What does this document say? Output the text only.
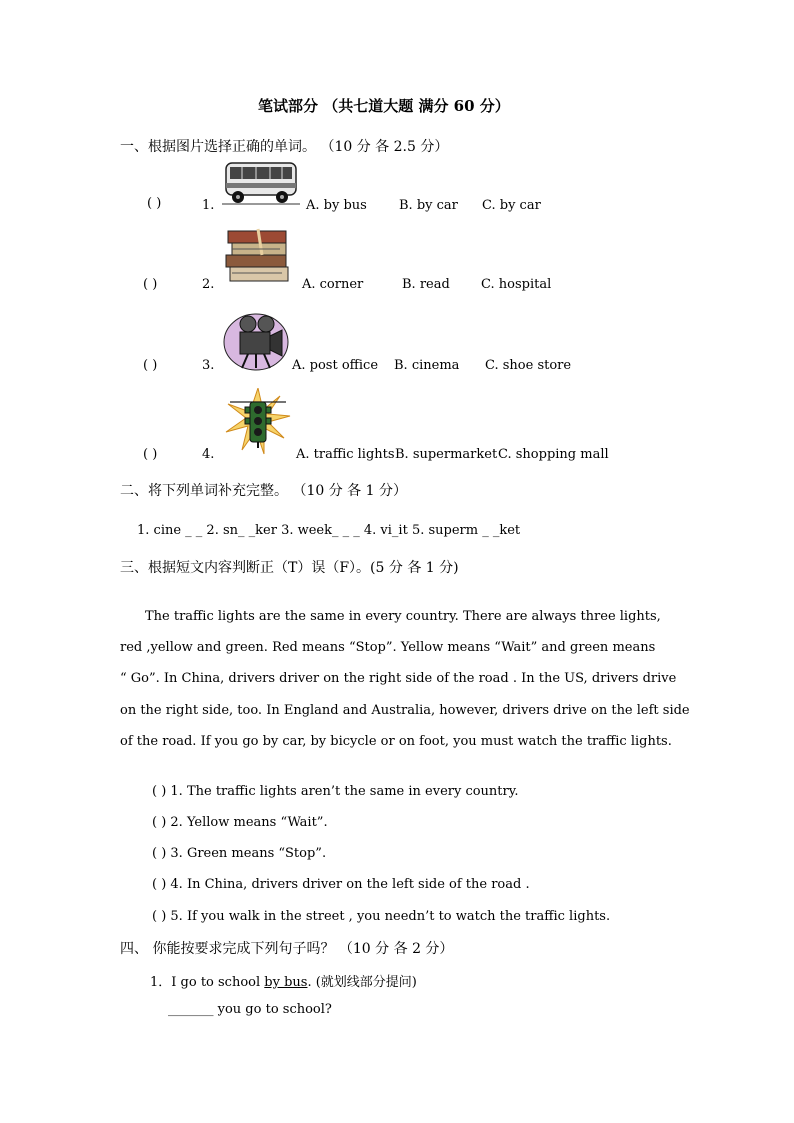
笔试部分 （共七道大题 满分 60 分）
一、根据图片选择正确的单词。 （10 分 各 2.5 分）
( )	1.	A. by bus B. by car C. by car
( )	2.	A. corner	B. read C. hospital
( )	3.	A. post office B. cinema C. shoe store
( )	4.	A. traffic lights B. supermarket C. shopping mall
二、将下列单词补充完整。 （10 分 各 1 分）
1. cine _ _ 2. sn_ _ker 3. week_ _ _ 4. vi_it 5. superm _ _ket
三、根据短文内容判断正（T）误（F）。(5 分 各 1 分)
The traffic lights are the same in every country. There are always three lights,
red ,yellow and green. Red means “Stop”. Yellow means “Wait” and green means
“ Go”. In China, drivers driver on the right side of the road . In the US, drivers drive
on the right side, too. In England and Australia, however, drivers drive on the left side
of the road. If you go by car, by bicycle or on foot, you must watch the traffic lights.
( ) 1. The traffic lights aren’t the same in every country.
( ) 2. Yellow means “Wait”.
( ) 3. Green means “Stop”.
( ) 4. In China, drivers driver on the left side of the road .
( ) 5. If you walk in the street , you needn’t to watch the traffic lights.
四、 你能按要求完成下列句子吗？ （10 分 各 2 分）
1．I go to school by bus. (就划线部分提问)
_______ you go to school?
